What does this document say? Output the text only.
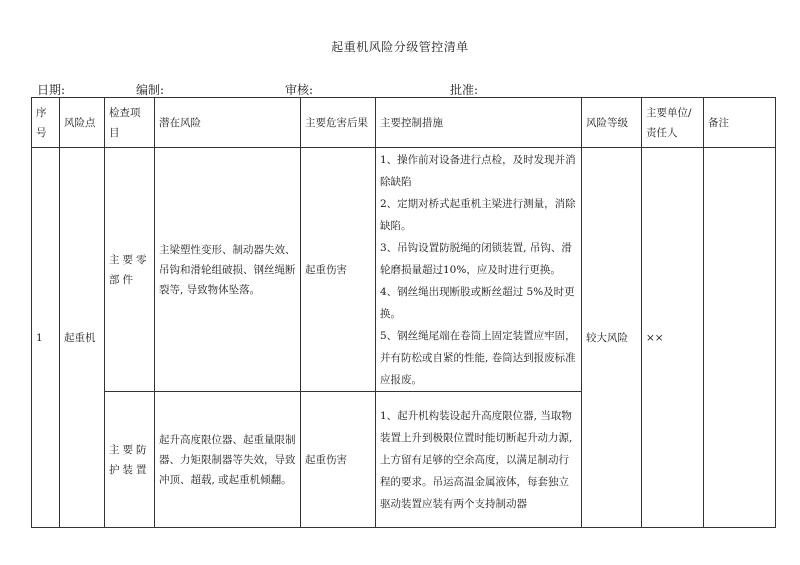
起重机风险分级管控清单
日期:	编制:	审核:	批准:
序号	风险点	检查项目	潜在风险	主要危害后果	主要控制措施	风险等级	主要单位/责任人	备注
1	起重机	主要零部件	主梁塑性变形、制动器失效、吊钩和滑轮组破损、钢丝绳断裂等, 导致物体坠落。	起重伤害	1、操作前对设备进行点检，及时发现并消除缺陷
2、定期对桥式起重机主梁进行测量，消除缺陷。
3、吊钩设置防脱绳的闭锁装置, 吊钩、滑轮磨损量超过10%，应及时进行更换。
4、钢丝绳出现断股或断丝超过 5%及时更换。
5、钢丝绳尾端在卷筒上固定装置应牢固，并有防松或自紧的性能, 卷筒达到报废标准应报废。	较大风险	××	
		主要防护装置	起升高度限位器、起重量限制器、力矩限制器等失效，导致冲顶、超载, 或起重机倾翻。	起重伤害	1、起升机构装设起升高度限位器, 当取物装置上升到极限位置时能切断起升动力源, 上方留有足够的空余高度，以满足制动行程的要求。吊运高温金属液体，每套独立驱动装置应装有两个支持制动器			
